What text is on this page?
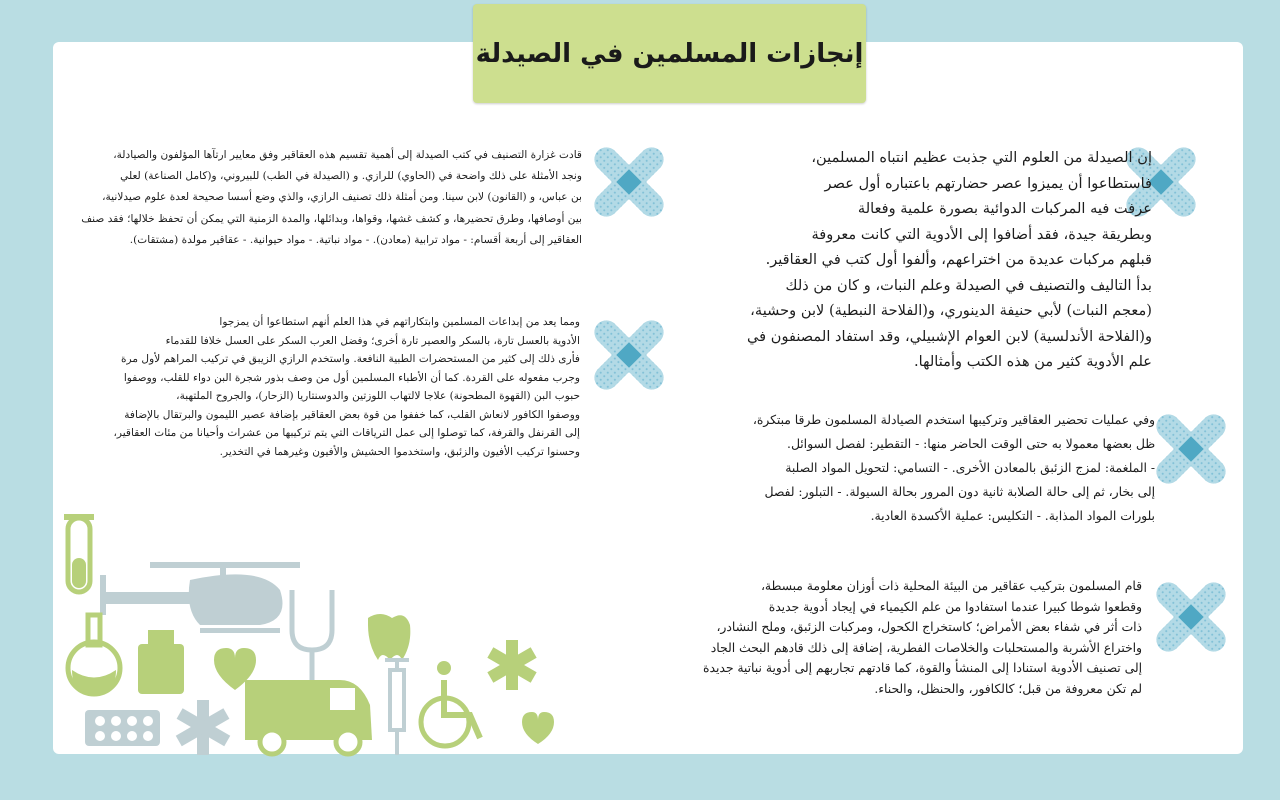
إنجازات المسلمين في الصيدلة
إن الصيدلة من العلوم التي جذبت عظيم انتباه المسلمين،
فاستطاعوا أن يميزوا عصر حضارتهم باعتباره أول عصر
عرفت فيه المركبات الدوائية بصورة علمية وفعالة
وبطريقة جيدة، فقد أضافوا إلى الأدوية التي كانت معروفة
قبلهم مركبات عديدة من اختراعهم، وألفوا أول كتب في العقاقير.
بدأ التاليف والتصنيف في الصيدلة وعلم النبات، و كان من ذلك
(معجم النبات) لأبي حنيفة الدينوري، و(الفلاحة النبطية) لابن وحشية،
و(الفلاحة الأندلسية) لابن العوام الإشبيلي، وقد استفاد المصنفون في
علم الأدوية كثير من هذه الكتب وأمثالها.
قادت غزارة التصنيف في كتب الصيدلة إلى أهمية تقسيم هذه العقاقير وفق معايير ارتآها المؤلفون والصيادلة،
ونجد الأمثلة على ذلك واضحة في (الحاوي) للرازي. و (الصيدلة في الطب) للبيروني، و(كامل الصناعة) لعلي
بن عباس، و (القانون) لابن سينا. ومن أمثلة ذلك تصنيف الرازي، والذي وضع أسسا صحيحة لعدة علوم صيدلانية،
بين أوصافها، وطرق تحضيرها، و كشف غشها، وقواها، وبدائلها، والمدة الزمنية التي يمكن أن تحفظ خلالها؛ فقد صنف
العقاقير إلى أربعة أقسام: - مواد ترابية (معادن). - مواد نباتية. - مواد حيوانية. - عقاقير مولدة (مشتقات).
ومما يعد من إبداعات المسلمين وابتكاراتهم في هذا العلم أنهم استطاعوا أن يمزجوا
الأدوية بالعسل تارة، بالسكر والعصير تارة أخرى؛ وفضل العرب السكر على العسل خلافا للقدماء
فأرى ذلك إلى كثير من المستحضرات الطبية النافعة. واستخدم الرازي الزيبق في تركيب المراهم لأول مرة
وجرب مفعوله على القردة. كما أن الأطباء المسلمين أول من وصف بذور شجرة البن دواء للقلب، ووصفوا
حبوب البن (القهوة المطحونة) علاجا لالتهاب اللوزتين والدوسنتاريا (الزحار)، والجروح الملتهبة،
ووصفوا الكافور لانعاش القلب، كما خففوا من قوة بعض العقاقير بإضافة عصير الليمون والبرتقال بالإضافة
إلى القرنفل والقرفة، كما توصلوا إلى عمل الترياقات التي يتم تركيبها من عشرات وأحيانا من مئات العقاقير،
وحسنوا تركيب الأفيون والزئبق، واستخدموا الحشيش والأفيون وغيرهما في التخدير.
وفي عمليات تحضير العقاقير وتركيبها استخدم الصيادلة المسلمون طرقا مبتكرة،
ظل بعضها معمولا به حتى الوقت الحاضر منها: - التقطير: لفصل السوائل.
- الملغمة: لمزج الزئبق بالمعادن الأخرى. - التسامي: لتحويل المواد الصلبة
إلى بخار، ثم إلى حالة الصلابة ثانية دون المرور بحالة السيولة. - التبلور: لفصل
بلورات المواد المذابة. - التكليس: عملية الأكسدة العادية.
قام المسلمون بتركيب عقاقير من البيئة المحلية ذات أوزان معلومة مبسطة،
وقطعوا شوطا كبيرا عندما استفادوا من علم الكيمياء في إيجاد أدوية جديدة
ذات أثر في شفاء بعض الأمراض؛ كاستخراج الكحول، ومركبات الزئبق، وملح النشادر،
واختراع الأشربة والمستحلبات والخلاصات الفطرية، إضافة إلى ذلك قادهم البحث الجاد
إلى تصنيف الأدوية استنادا إلى المنشأ والقوة، كما قادتهم تجاربهم إلى أدوية نباتية جديدة
لم تكن معروفة من قبل؛ كالكافور، والحنظل، والحناء.
